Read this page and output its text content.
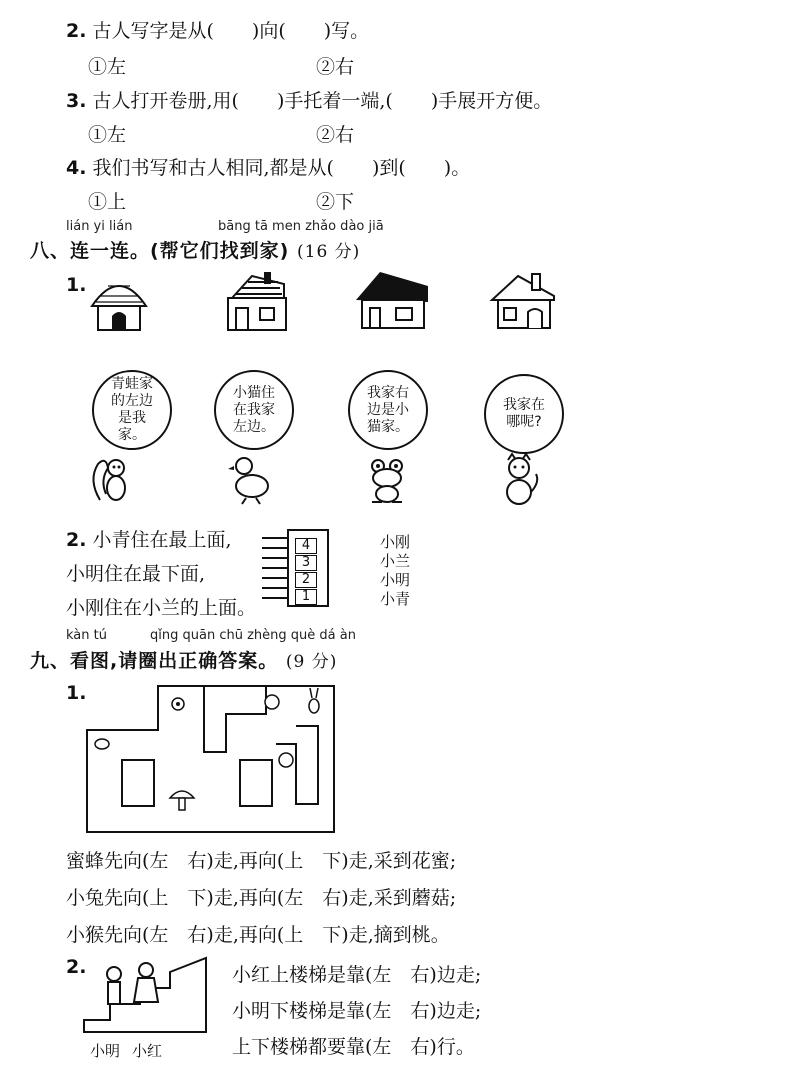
2. 古人写字是从(　　)向(　　)写。
①左	②右
3. 古人打开卷册,用(　　)手托着一端,(　　)手展开方便。
①左	②右
4. 我们书写和古人相同,都是从(　　)到(　　)。
①上	②下
lián yi lián	bāng tā men zhǎo dào jiā
八、连一连。(帮它们找到家) (16 分)
1.
青蛙家的左边是我家。
小猫住在我家左边。
我家右边是小猫家。
我家在哪呢?
2. 小青住在最上面,
小明住在最下面,
小刚住在小兰的上面。
4
3
2
1
小刚
小兰
小明
小青
kàn tú	qǐng quān chū zhèng què dá àn
九、看图,请圈出正确答案。 (9 分)
1.
蜜蜂先向(左　右)走,再向(上　下)走,采到花蜜;
小兔先向(上　下)走,再向(左　右)走,采到蘑菇;
小猴先向(左　右)走,再向(上　下)走,摘到桃。
2.
小明 小红
小红上楼梯是靠(左　右)边走;
小明下楼梯是靠(左　右)边走;
上下楼梯都要靠(左　右)行。
